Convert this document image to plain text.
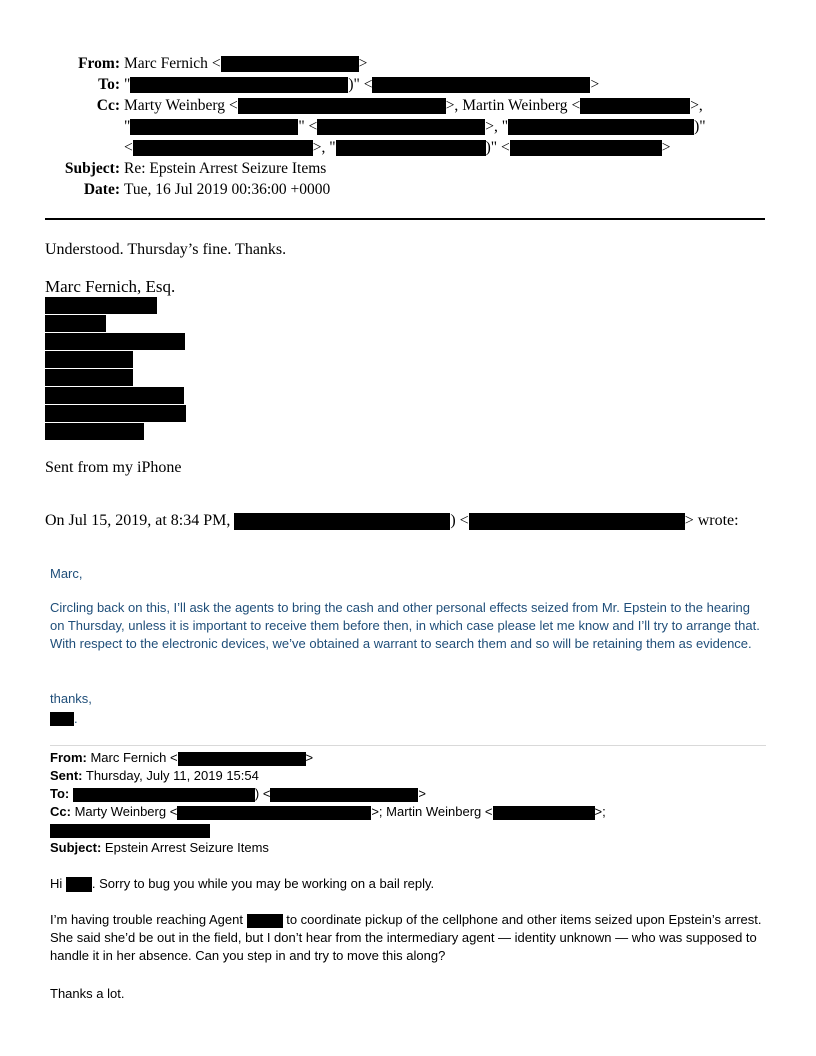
From: Marc Fernich <	>
To: "	)" <	>
Cc: Marty Weinberg <	>, Martin Weinberg <	>,
"	" <	>, "	)"
<	>, "	)" <	>
Subject: Re: Epstein Arrest Seizure Items
Date: Tue, 16 Jul 2019 00:36:00 +0000
Understood. Thursday’s fine. Thanks.
Marc Fernich, Esq.
Sent from my iPhone
On Jul 15, 2019, at 8:34 PM,	) <	> wrote:
Marc,
Circling back on this, I’ll ask the agents to bring the cash and other personal effects seized from Mr. Epstein to the hearing on Thursday, unless it is important to receive them before then, in which case please let me know and I’ll try to arrange that. With respect to the electronic devices, we’ve obtained a warrant to search them and so will be retaining them as evidence.
thanks,
.
From: Marc Fernich <	>
Sent: Thursday, July 11, 2019 15:54
To:	) <	>
Cc: Marty Weinberg <	>; Martin Weinberg <	>;
Subject: Epstein Arrest Seizure Items
Hi . Sorry to bug you while you may be working on a bail reply.
I’m having trouble reaching Agent	to coordinate pickup of the cellphone and other items seized upon Epstein’s arrest. She said she’d be out in the field, but I don’t hear from the intermediary agent — identity unknown — who was supposed to handle it in her absence. Can you step in and try to move this along?
Thanks a lot.
